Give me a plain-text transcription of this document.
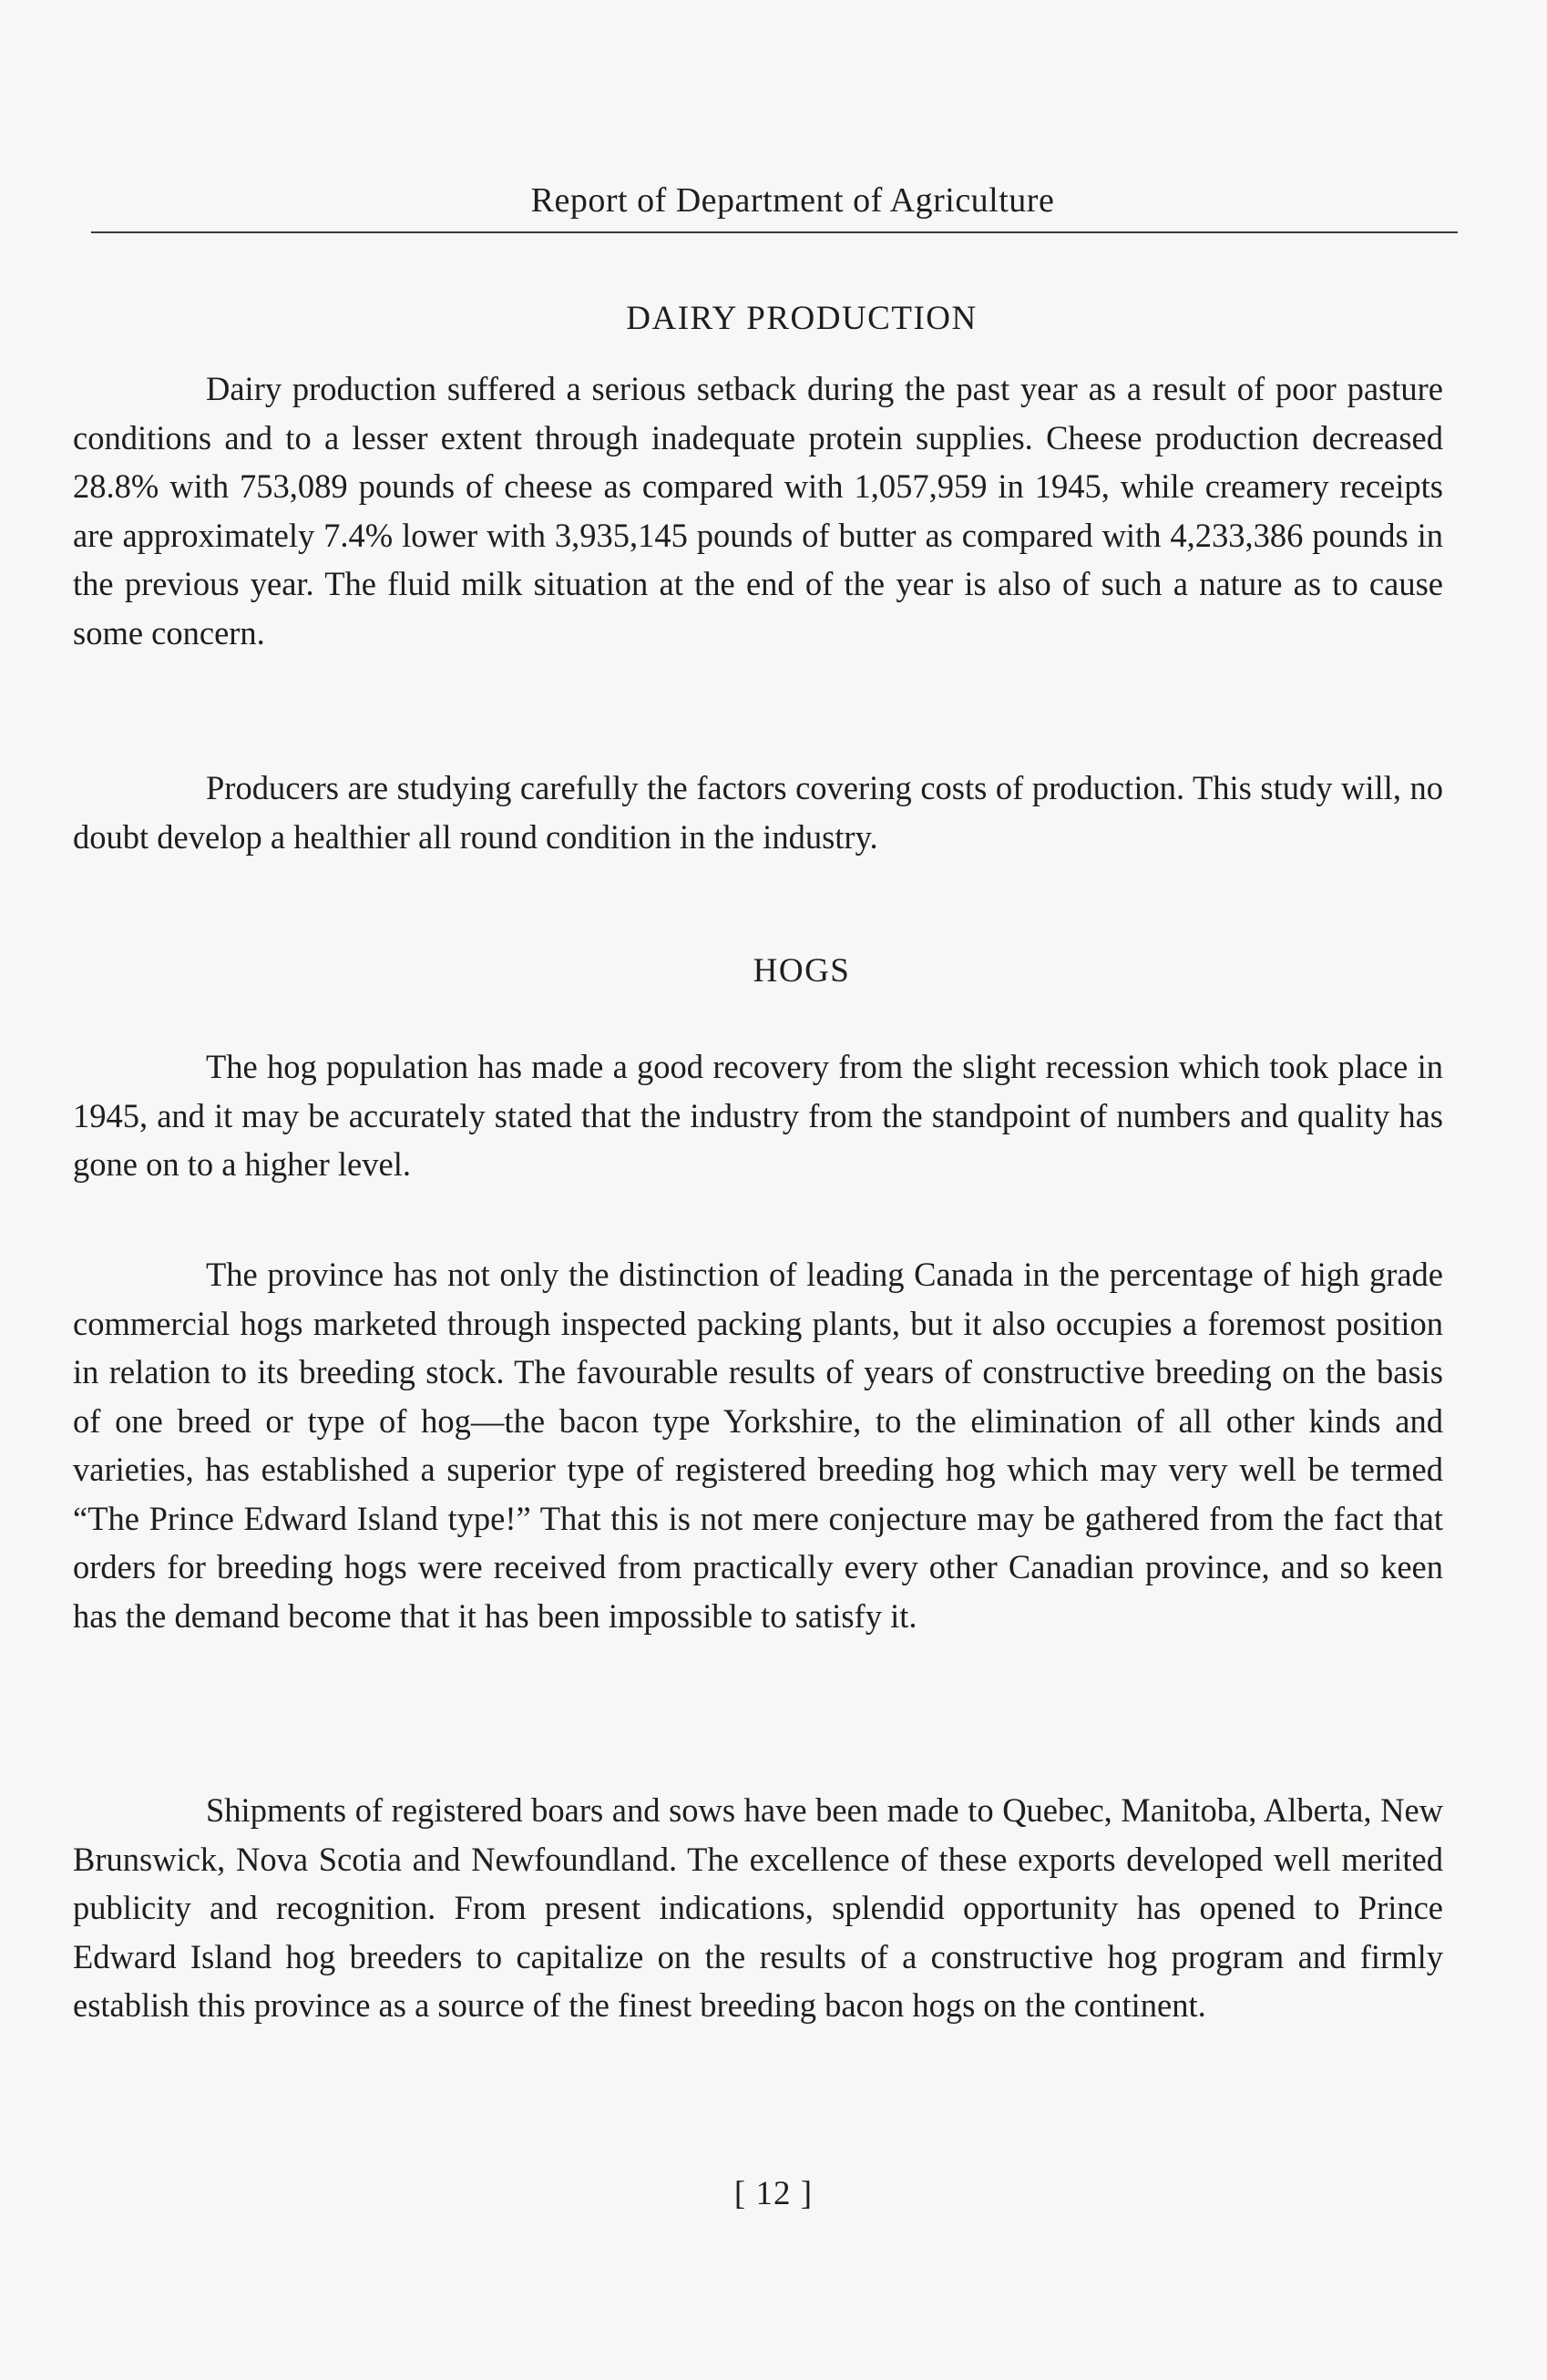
Report of Department of Agriculture
DAIRY PRODUCTION

Dairy production suffered a serious setback during the past year as a result of poor pasture conditions and to a lesser extent through inadequate protein supplies. Cheese production decreased 28.8% with 753,089 pounds of cheese as compared with 1,057,959 in 1945, while creamery receipts are approximately 7.4% lower with 3,935,145 pounds of butter as compared with 4,233,386 pounds in the previous year. The fluid milk situation at the end of the year is also of such a nature as to cause some concern.

Producers are studying carefully the factors covering costs of production. This study will, no doubt develop a healthier all round condition in the industry.

HOGS

The hog population has made a good recovery from the slight recession which took place in 1945, and it may be accurately stated that the industry from the standpoint of numbers and quality has gone on to a higher level.

The province has not only the distinction of leading Canada in the percentage of high grade commercial hogs marketed through inspected packing plants, but it also occupies a foremost position in relation to its breeding stock. The favourable results of years of constructive breeding on the basis of one breed or type of hog—the bacon type Yorkshire, to the elimination of all other kinds and varieties, has established a superior type of registered breeding hog which may very well be termed “The Prince Edward Island type!” That this is not mere conjecture may be gathered from the fact that orders for breeding hogs were received from practically every other Canadian province, and so keen has the demand become that it has been impossible to satisfy it.

Shipments of registered boars and sows have been made to Quebec, Manitoba, Alberta, New Brunswick, Nova Scotia and Newfoundland. The excellence of these exports developed well merited publicity and recognition. From present indications, splendid opportunity has opened to Prince Edward Island hog breeders to capitalize on the results of a constructive hog program and firmly establish this province as a source of the finest breeding bacon hogs on the continent.

[ 12 ]
